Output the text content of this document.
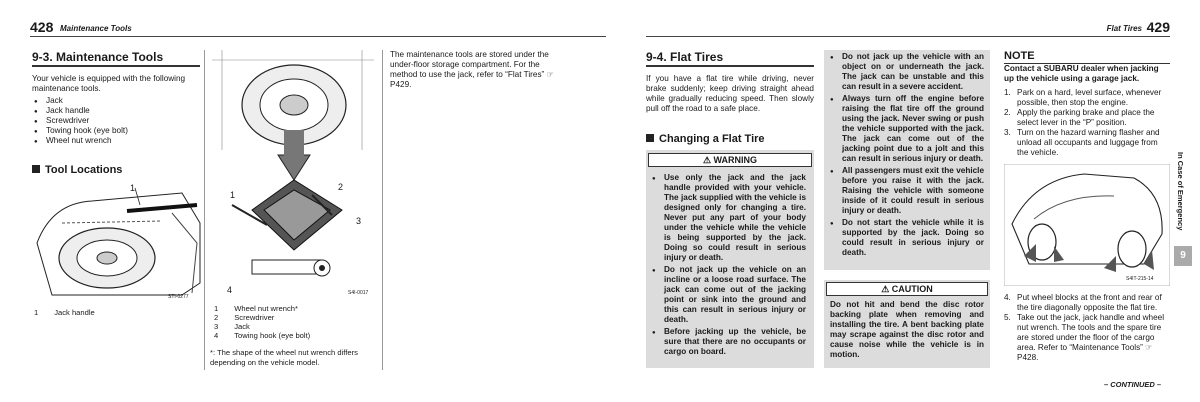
428 Maintenance Tools
9-3. Maintenance Tools
Your vehicle is equipped with the following maintenance tools.
● Jack
● Jack handle
● Screwdriver
● Towing hook (eye bolt)
● Wheel nut wrench
Tool Locations
1
STI-0277
1	Jack handle
1
2
3
4	S4I-0017
1	Wheel nut wrench*
2	Screwdriver
3	Jack
4	Towing hook (eye bolt)
*: The shape of the wheel nut wrench differs depending on the vehicle model.
The maintenance tools are stored under the under-floor storage compartment. For the method to use the jack, refer to “Flat Tires” ☞P429.
Flat Tires 429
9-4. Flat Tires
If you have a flat tire while driving, never brake suddenly; keep driving straight ahead while gradually reducing speed. Then slowly pull off the road to a safe place.
Changing a Flat Tire
⚠ WARNING
● Use only the jack and the jack handle provided with your vehicle. The jack supplied with the vehicle is designed only for changing a tire. Never put any part of your body under the vehicle while the vehicle is being supported by the jack. Doing so could result in serious injury or death.
● Do not jack up the vehicle on an incline or a loose road surface. The jack can come out of the jacking point or sink into the ground and this can result in serious injury or death.
● Before jacking up the vehicle, be sure that there are no occupants or cargo on board.
● Do not jack up the vehicle with an object on or underneath the jack. The jack can be unstable and this can result in a severe accident.
● Always turn off the engine before raising the flat tire off the ground using the jack. Never swing or push the vehicle supported with the jack. The jack can come out of the jacking point due to a jolt and this can result in serious injury or death.
● All passengers must exit the vehicle before you raise it with the jack. Raising the vehicle with someone inside of it could result in serious injury or death.
● Do not start the vehicle while it is supported by the jack. Doing so could result in serious injury or death.
⚠ CAUTION
Do not hit and bend the disc rotor backing plate when removing and installing the tire. A bent backing plate may scrape against the disc rotor and cause noise while the vehicle is in motion.
NOTE
Contact a SUBARU dealer when jacking up the vehicle using a garage jack.
1. Park on a hard, level surface, whenever possible, then stop the engine.
2. Apply the parking brake and place the select lever in the “P” position.
3. Turn on the hazard warning flasher and unload all occupants and luggage from the vehicle.
S4IT-215-14
4. Put wheel blocks at the front and rear of the tire diagonally opposite the flat tire.
5. Take out the jack, jack handle and wheel nut wrench. The tools and the spare tire are stored under the floor of the cargo area. Refer to “Maintenance Tools” ☞P428.
– CONTINUED –
In Case of Emergency
9
